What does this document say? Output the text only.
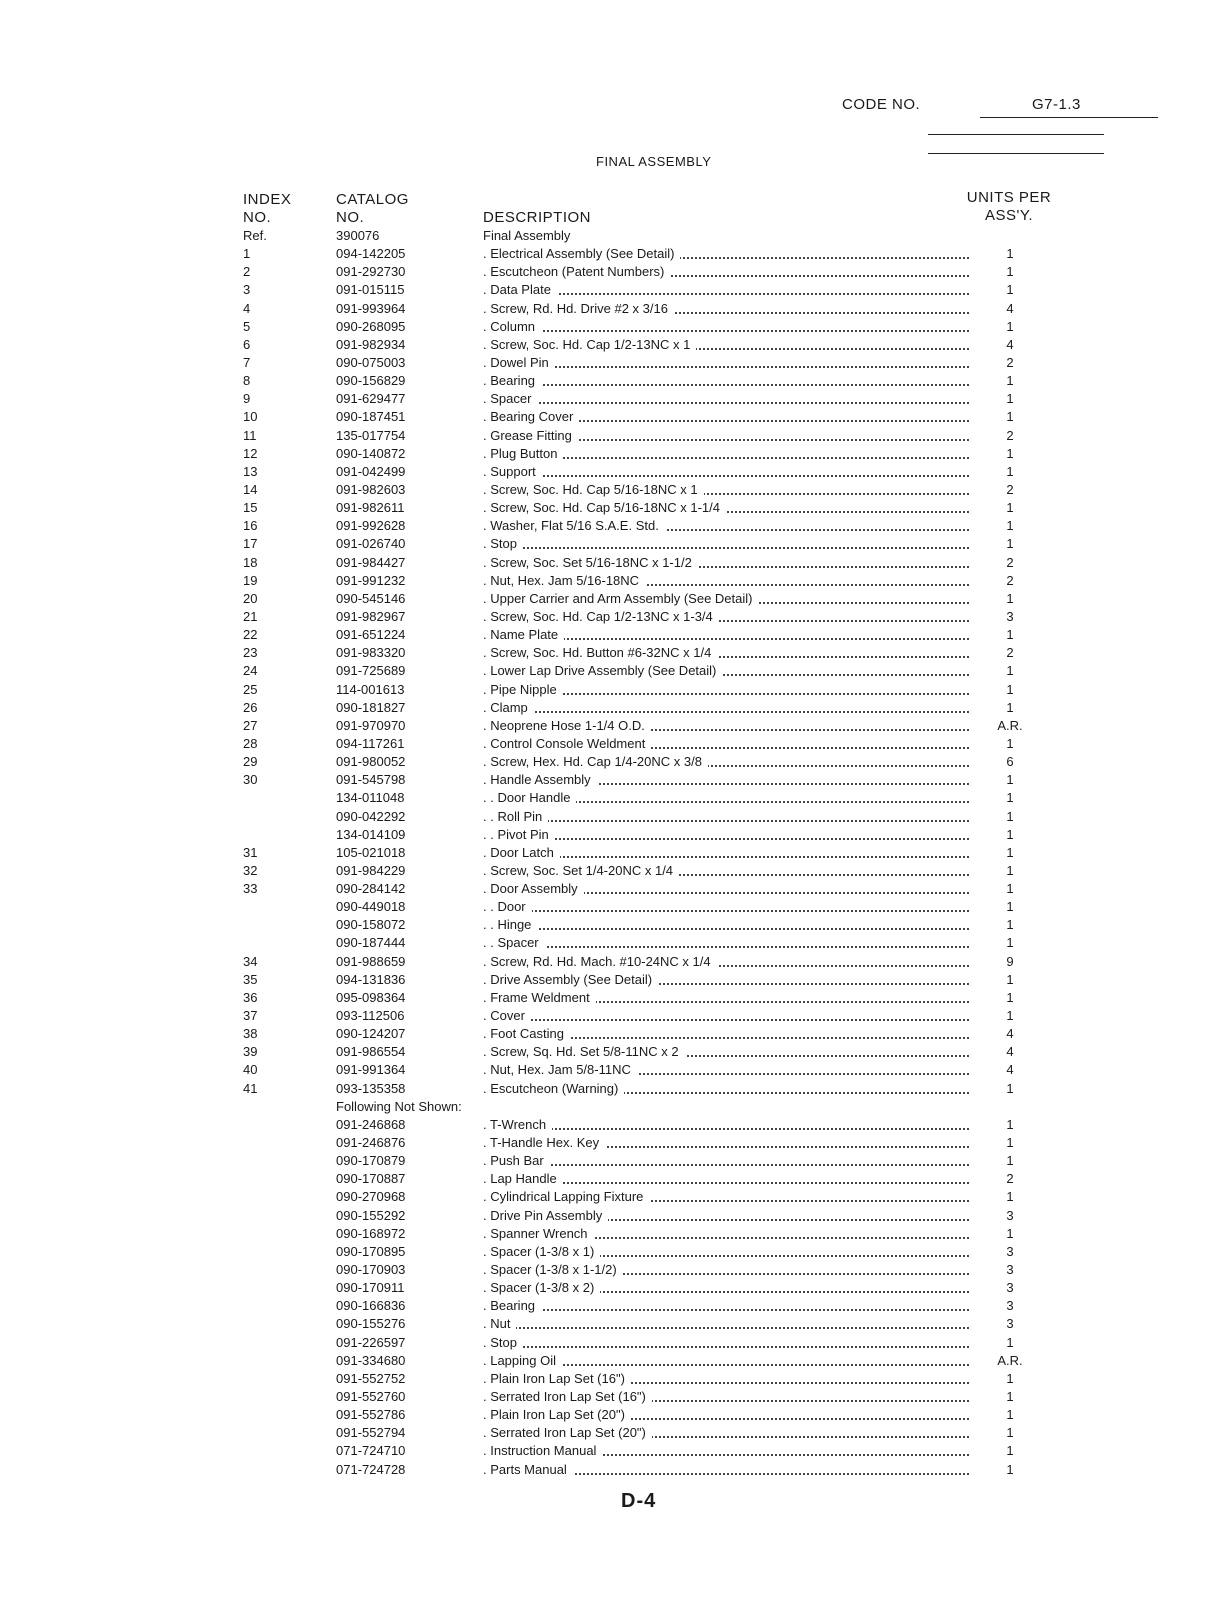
CODE NO.	G7-1.3
FINAL ASSEMBLY
INDEX
NO.
CATALOG
NO.	DESCRIPTION
UNITS PER
ASS'Y.
Ref.	390076	Final Assembly
1	094-142205	. Electrical Assembly (See Detail)	1
2	091-292730	. Escutcheon (Patent Numbers)	1
3	091-015115	. Data Plate	1
4	091-993964	. Screw, Rd. Hd. Drive #2 x 3/16	4
5	090-268095	. Column	1
6	091-982934	. Screw, Soc. Hd. Cap 1/2-13NC x 1	4
7	090-075003	. Dowel Pin	2
8	090-156829	. Bearing	1
9	091-629477	. Spacer	1
10	090-187451	. Bearing Cover	1
11	135-017754	. Grease Fitting	2
12	090-140872	. Plug Button	1
13	091-042499	. Support	1
14	091-982603	. Screw, Soc. Hd. Cap 5/16-18NC x 1	2
15	091-982611	. Screw, Soc. Hd. Cap 5/16-18NC x 1-1/4	1
16	091-992628	. Washer, Flat 5/16 S.A.E. Std.	1
17	091-026740	. Stop	1
18	091-984427	. Screw, Soc. Set 5/16-18NC x 1-1/2	2
19	091-991232	. Nut, Hex. Jam 5/16-18NC	2
20	090-545146	. Upper Carrier and Arm Assembly (See Detail)	1
21	091-982967	. Screw, Soc. Hd. Cap 1/2-13NC x 1-3/4	3
22	091-651224	. Name Plate	1
23	091-983320	. Screw, Soc. Hd. Button #6-32NC x 1/4	2
24	091-725689	. Lower Lap Drive Assembly (See Detail)	1
25	114-001613	. Pipe Nipple	1
26	090-181827	. Clamp	1
27	091-970970	. Neoprene Hose 1-1/4 O.D.	A.R.
28	094-117261	. Control Console Weldment	1
29	091-980052	. Screw, Hex. Hd. Cap 1/4-20NC x 3/8	6
30	091-545798	. Handle Assembly	1
134-011048	. . Door Handle	1
090-042292	. . Roll Pin	1
134-014109	. . Pivot Pin	1
31	105-021018	. Door Latch	1
32	091-984229	. Screw, Soc. Set 1/4-20NC x 1/4	1
33	090-284142	. Door Assembly	1
090-449018	. . Door	1
090-158072	. . Hinge	1
090-187444	. . Spacer	1
34	091-988659	. Screw, Rd. Hd. Mach. #10-24NC x 1/4	9
35	094-131836	. Drive Assembly (See Detail)	1
36	095-098364	. Frame Weldment	1
37	093-112506	. Cover	1
38	090-124207	. Foot Casting	4
39	091-986554	. Screw, Sq. Hd. Set 5/8-11NC x 2	4
40	091-991364	. Nut, Hex. Jam 5/8-11NC	4
41	093-135358	. Escutcheon (Warning)	1
Following Not Shown:
091-246868	. T-Wrench	1
091-246876	. T-Handle Hex. Key	1
090-170879	. Push Bar	1
090-170887	. Lap Handle	2
090-270968	. Cylindrical Lapping Fixture	1
090-155292	. Drive Pin Assembly	3
090-168972	. Spanner Wrench	1
090-170895	. Spacer (1-3/8 x 1)	3
090-170903	. Spacer (1-3/8 x 1-1/2)	3
090-170911	. Spacer (1-3/8 x 2)	3
090-166836	. Bearing	3
090-155276	. Nut	3
091-226597	. Stop	1
091-334680	. Lapping Oil	A.R.
091-552752	. Plain Iron Lap Set (16")	1
091-552760	. Serrated Iron Lap Set (16")	1
091-552786	. Plain Iron Lap Set (20")	1
091-552794	. Serrated Iron Lap Set (20")	1
071-724710	. Instruction Manual	1
071-724728	. Parts Manual	1
D-4
